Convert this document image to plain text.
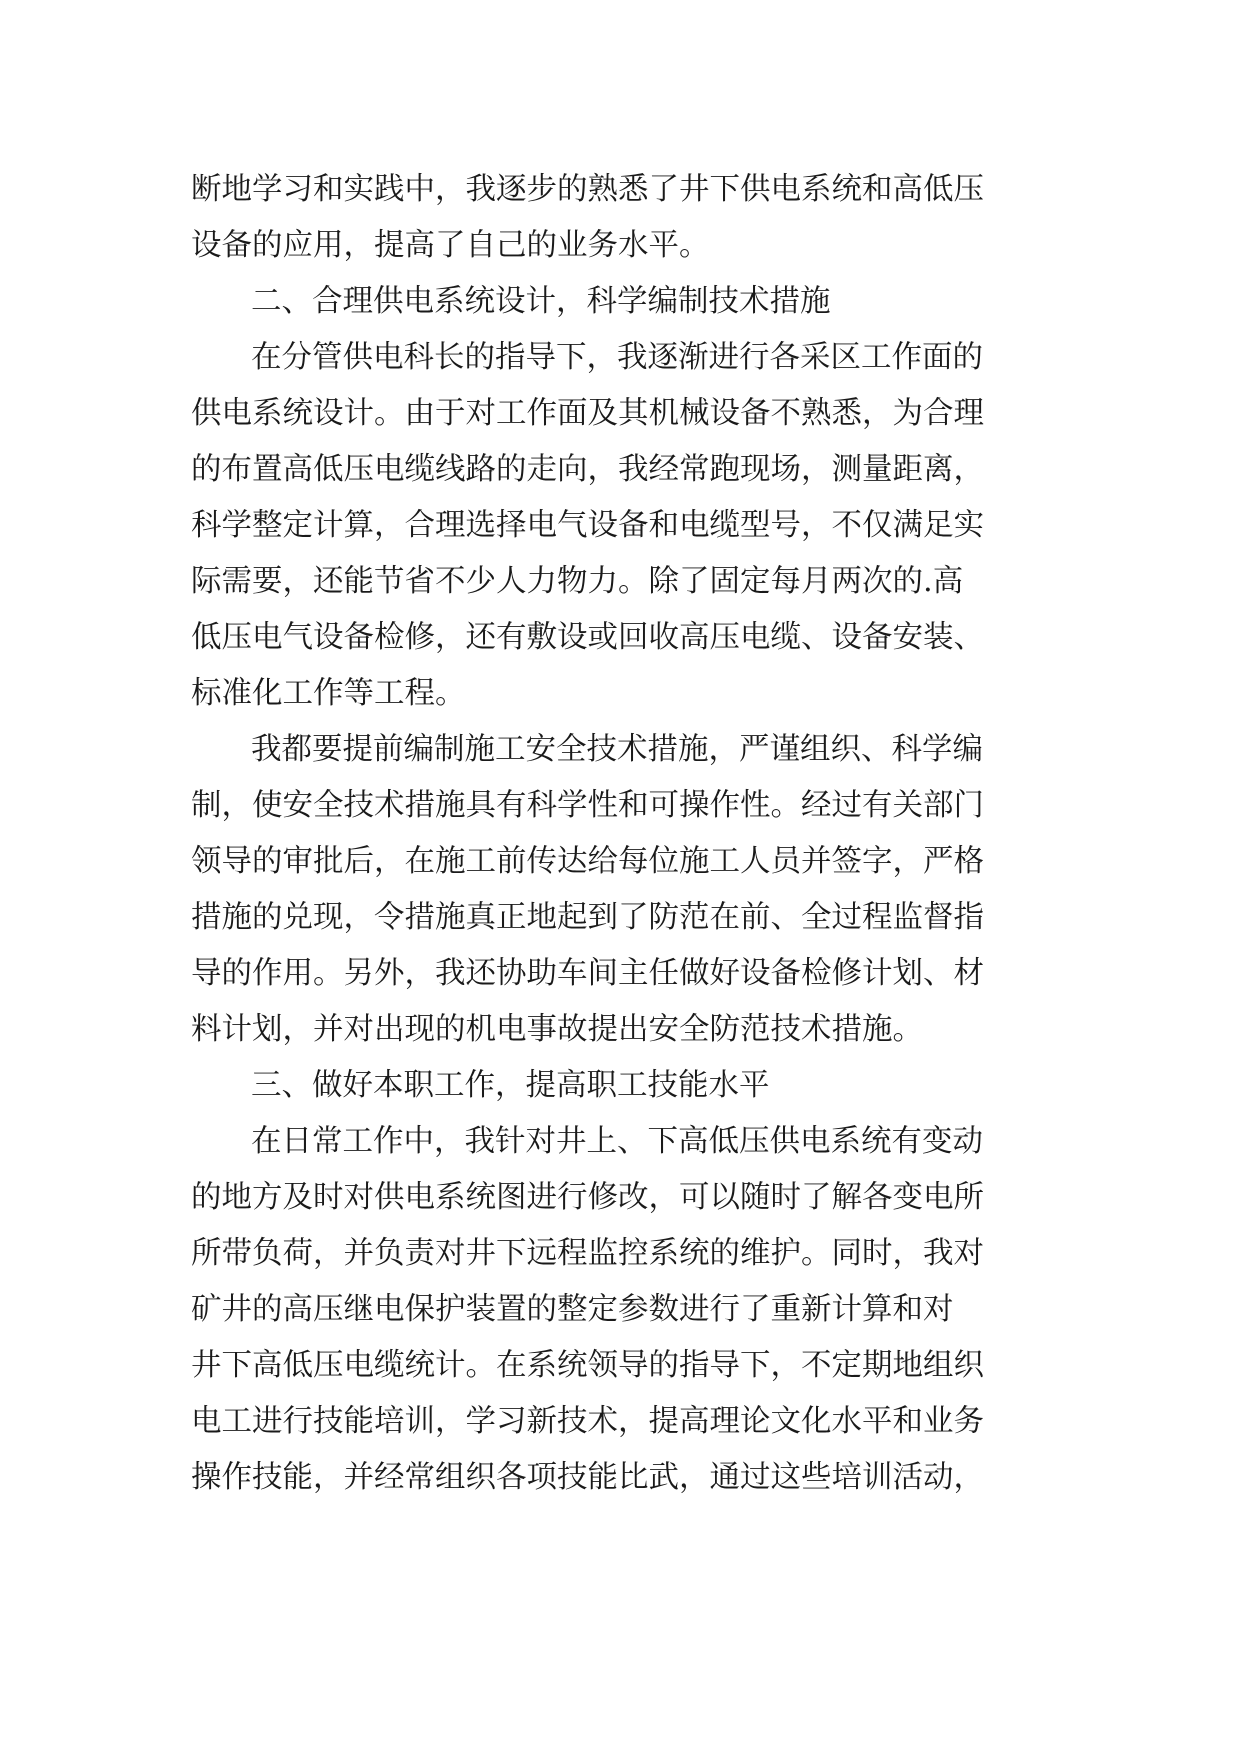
断地学习和实践中，我逐步的熟悉了井下供电系统和高低压
设备的应用，提高了自己的业务水平。
二、合理供电系统设计，科学编制技术措施
在分管供电科长的指导下，我逐渐进行各采区工作面的
供电系统设计。由于对工作面及其机械设备不熟悉，为合理
的布置高低压电缆线路的走向，我经常跑现场，测量距离，
科学整定计算，合理选择电气设备和电缆型号，不仅满足实
际需要，还能节省不少人力物力。除了固定每月两次的.高
低压电气设备检修，还有敷设或回收高压电缆、设备安装、
标准化工作等工程。
我都要提前编制施工安全技术措施，严谨组织、科学编
制，使安全技术措施具有科学性和可操作性。经过有关部门
领导的审批后，在施工前传达给每位施工人员并签字，严格
措施的兑现，令措施真正地起到了防范在前、全过程监督指
导的作用。另外，我还协助车间主任做好设备检修计划、材
料计划，并对出现的机电事故提出安全防范技术措施。
三、做好本职工作，提高职工技能水平
在日常工作中，我针对井上、下高低压供电系统有变动
的地方及时对供电系统图进行修改，可以随时了解各变电所
所带负荷，并负责对井下远程监控系统的维护。同时，我对
矿井的高压继电保护装置的整定参数进行了重新计算和对
井下高低压电缆统计。在系统领导的指导下，不定期地组织
电工进行技能培训，学习新技术，提高理论文化水平和业务
操作技能，并经常组织各项技能比武，通过这些培训活动，
